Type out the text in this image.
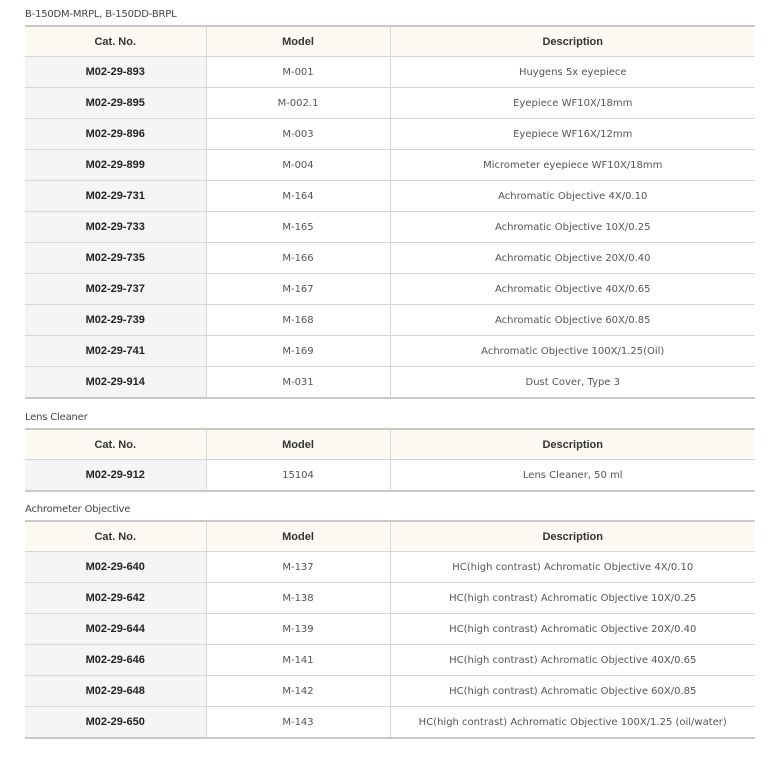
B-150DM-MRPL, B-150DD-BRPL
Cat. No.	Model	Description
M02-29-893	M-001	Huygens 5x eyepiece
M02-29-895	M-002.1	Eyepiece WF10X/18mm
M02-29-896	M-003	Eyepiece WF16X/12mm
M02-29-899	M-004	Micrometer eyepiece WF10X/18mm
M02-29-731	M-164	Achromatic Objective 4X/0.10
M02-29-733	M-165	Achromatic Objective 10X/0.25
M02-29-735	M-166	Achromatic Objective 20X/0.40
M02-29-737	M-167	Achromatic Objective 40X/0.65
M02-29-739	M-168	Achromatic Objective 60X/0.85
M02-29-741	M-169	Achromatic Objective 100X/1.25(Oil)
M02-29-914	M-031	Dust Cover, Type 3
Lens Cleaner
Cat. No.	Model	Description
M02-29-912	15104	Lens Cleaner, 50 ml
Achrometer Objective
Cat. No.	Model	Description
M02-29-640	M-137	HC(high contrast) Achromatic Objective 4X/0.10
M02-29-642	M-138	HC(high contrast) Achromatic Objective 10X/0.25
M02-29-644	M-139	HC(high contrast) Achromatic Objective 20X/0.40
M02-29-646	M-141	HC(high contrast) Achromatic Objective 40X/0.65
M02-29-648	M-142	HC(high contrast) Achromatic Objective 60X/0.85
M02-29-650	M-143	HC(high contrast) Achromatic Objective 100X/1.25 (oil/water)
